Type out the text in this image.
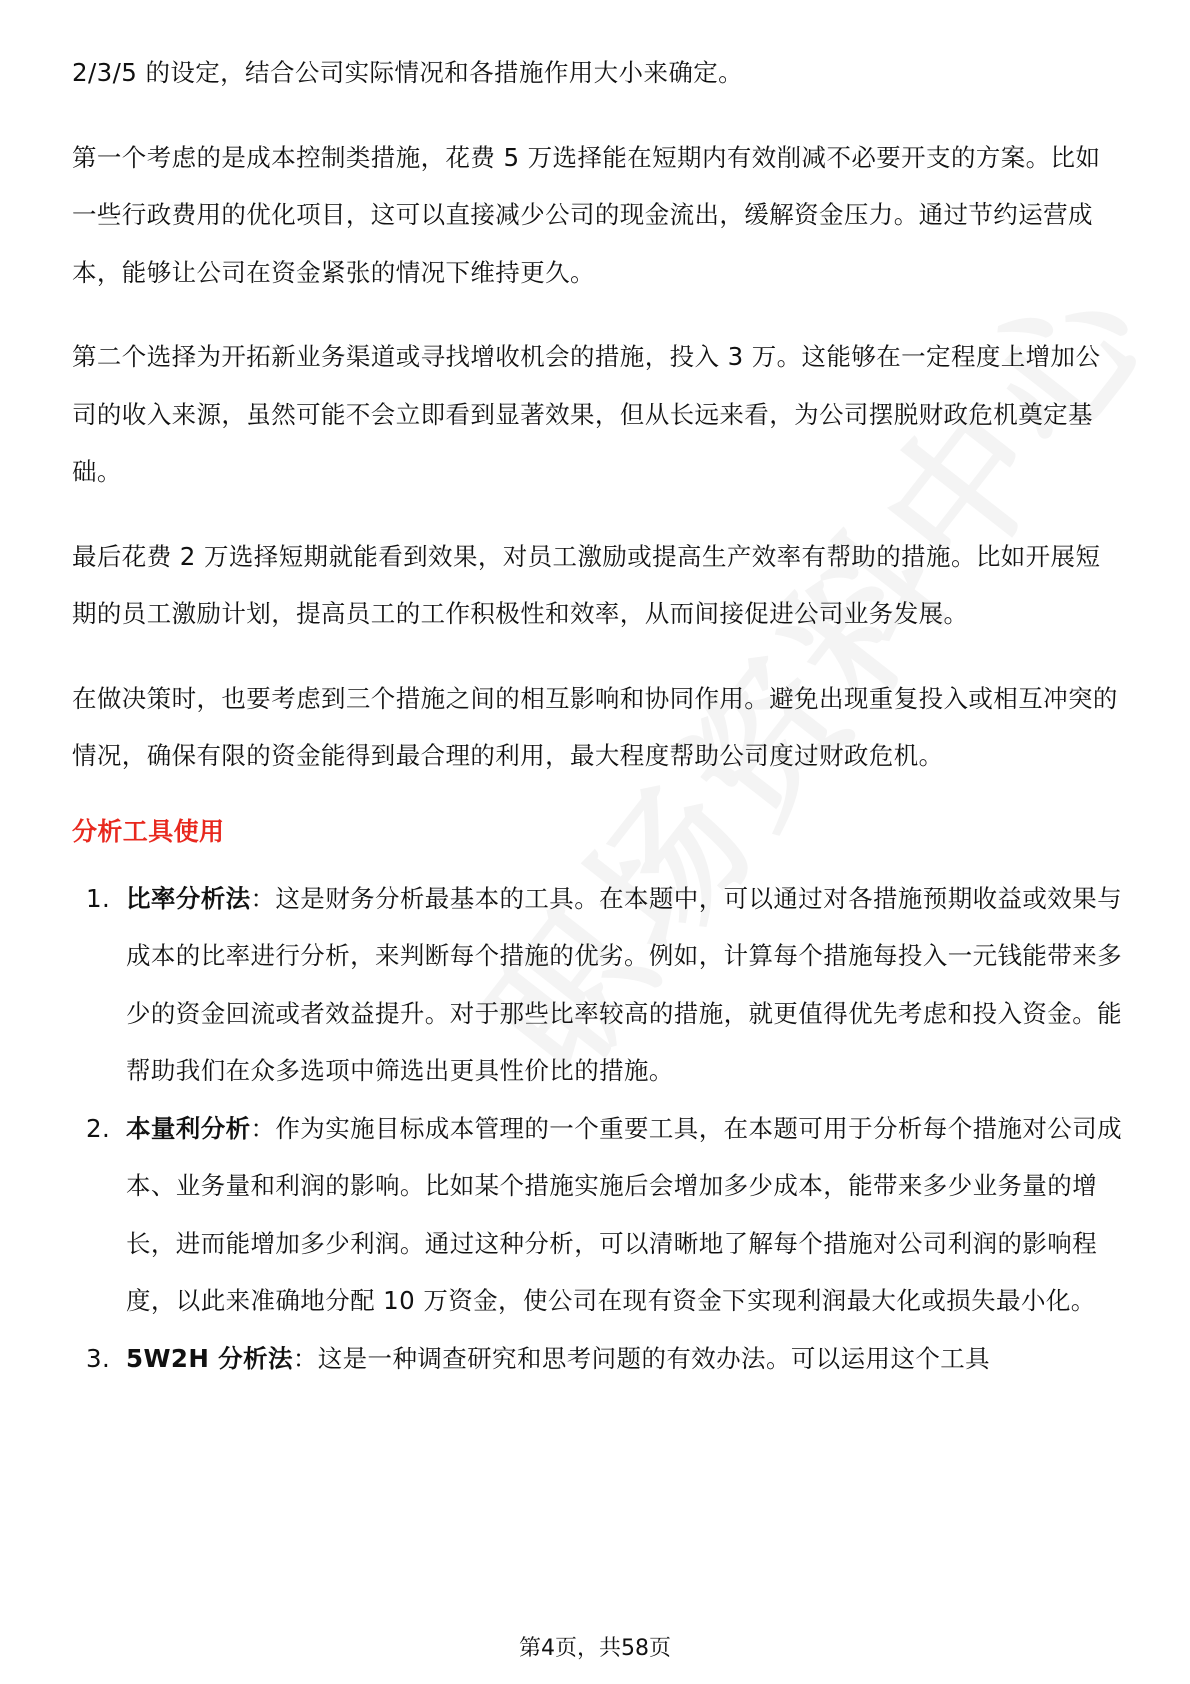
2/3/5 的设定，结合公司实际情况和各措施作用大小来确定。

第一个考虑的是成本控制类措施，花费 5 万选择能在短期内有效削减不必要开支的方案。比如一些行政费用的优化项目，这可以直接减少公司的现金流出，缓解资金压力。通过节约运营成本，能够让公司在资金紧张的情况下维持更久。

第二个选择为开拓新业务渠道或寻找增收机会的措施，投入 3 万。这能够在一定程度上增加公司的收入来源，虽然可能不会立即看到显著效果，但从长远来看，为公司摆脱财政危机奠定基础。

最后花费 2 万选择短期就能看到效果，对员工激励或提高生产效率有帮助的措施。比如开展短期的员工激励计划，提高员工的工作积极性和效率，从而间接促进公司业务发展。

在做决策时，也要考虑到三个措施之间的相互影响和协同作用。避免出现重复投入或相互冲突的情况，确保有限的资金能得到最合理的利用，最大程度帮助公司度过财政危机。

分析工具使用
1. 比率分析法：这是财务分析最基本的工具。在本题中，可以通过对各措施预期收益或效果与成本的比率进行分析，来判断每个措施的优劣。例如，计算每个措施每投入一元钱能带来多少的资金回流或者效益提升。对于那些比率较高的措施，就更值得优先考虑和投入资金。能帮助我们在众多选项中筛选出更具性价比的措施。
2. 本量利分析：作为实施目标成本管理的一个重要工具，在本题可用于分析每个措施对公司成本、业务量和利润的影响。比如某个措施实施后会增加多少成本，能带来多少业务量的增长，进而能增加多少利润。通过这种分析，可以清晰地了解每个措施对公司利润的影响程度，以此来准确地分配 10 万资金，使公司在现有资金下实现利润最大化或损失最小化。
3. 5W2H 分析法：这是一种调查研究和思考问题的有效办法。可以运用这个工具
第4页，共58页
